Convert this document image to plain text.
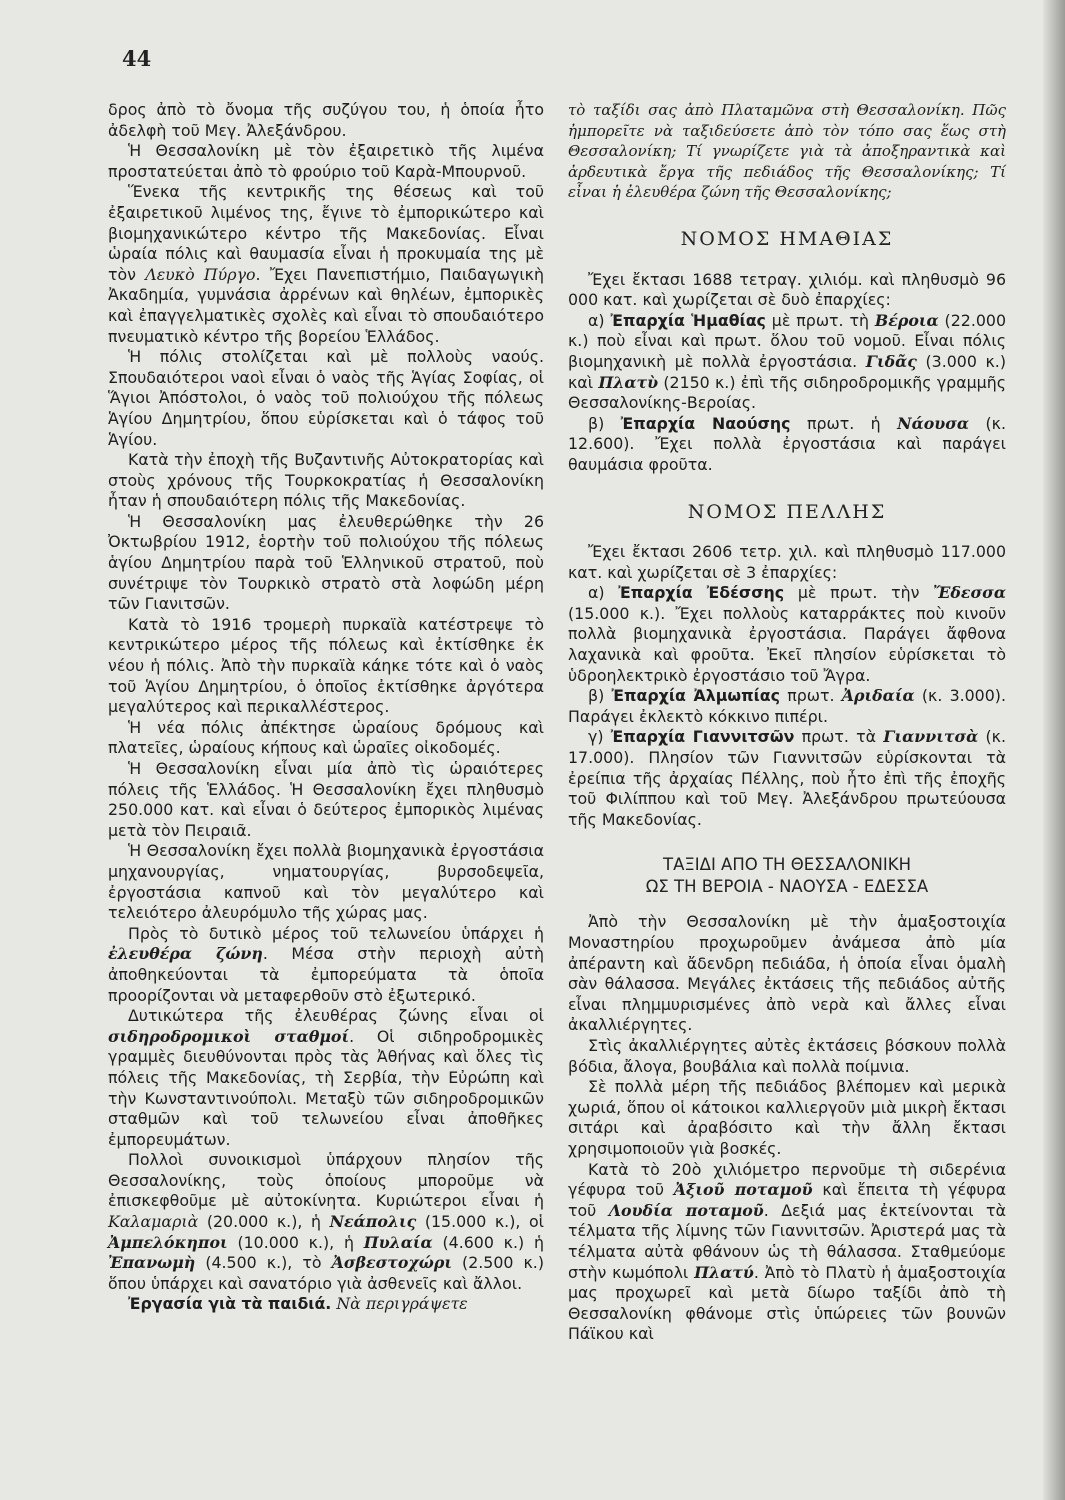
44

δρος ἀπὸ τὸ ὄνομα τῆς συζύγου του, ἡ ὁποία ἦτο ἀδελφὴ τοῦ Μεγ. Ἀλεξάνδρου.

Ἡ Θεσσαλονίκη μὲ τὸν ἐξαιρετικὸ τῆς λιμένα προστατεύεται ἀπὸ τὸ φρούριο τοῦ Καρὰ-Μπουρνοῦ.

Ἕνεκα τῆς κεντρικῆς της θέσεως καὶ τοῦ ἐξαιρετικοῦ λιμένος της, ἔγινε τὸ ἐμπορικώτερο καὶ βιομηχανικώτερο κέντρο τῆς Μακεδονίας. Εἶναι ὡραία πόλις καὶ θαυμασία εἶναι ἡ προκυμαία της μὲ τὸν Λευκὸ Πύργο. Ἔχει Πανεπιστήμιο, Παιδαγωγικὴ Ἀκαδημία, γυμνάσια ἀρρένων καὶ θηλέων, ἐμπορικὲς καὶ ἐπαγγελματικὲς σχολὲς καὶ εἶναι τὸ σπουδαιότερο πνευματικὸ κέντρο τῆς βορείου Ἑλλάδος.

Ἡ πόλις στολίζεται καὶ μὲ πολλοὺς ναούς. Σπουδαιότεροι ναοὶ εἶναι ὁ ναὸς τῆς Ἁγίας Σοφίας, οἱ Ἅγιοι Ἀπόστολοι, ὁ ναὸς τοῦ πολιούχου τῆς πόλεως Ἁγίου Δημητρίου, ὅπου εὑρίσκεται καὶ ὁ τάφος τοῦ Ἁγίου.

Κατὰ τὴν ἐποχὴ τῆς Βυζαντινῆς Αὐτοκρατορίας καὶ στοὺς χρόνους τῆς Τουρκοκρατίας ἡ Θεσσαλονίκη ἦταν ἡ σπουδαιότερη πόλις τῆς Μακεδονίας.

Ἡ Θεσσαλονίκη μας ἐλευθερώθηκε τὴν 26 Ὀκτωβρίου 1912, ἑορτὴν τοῦ πολιούχου τῆς πόλεως ἁγίου Δημητρίου παρὰ τοῦ Ἑλληνικοῦ στρατοῦ, ποὺ συνέτριψε τὸν Τουρκικὸ στρατὸ στὰ λοφώδη μέρη τῶν Γιανιτσῶν.

Κατὰ τὸ 1916 τρομερὴ πυρκαϊὰ κατέστρεψε τὸ κεντρικώτερο μέρος τῆς πόλεως καὶ ἐκτίσθηκε ἐκ νέου ἡ πόλις. Ἀπὸ τὴν πυρκαϊὰ κάηκε τότε καὶ ὁ ναὸς τοῦ Ἁγίου Δημητρίου, ὁ ὁποῖος ἐκτίσθηκε ἀργότερα μεγαλύτερος καὶ περικαλλέστερος.

Ἡ νέα πόλις ἀπέκτησε ὡραίους δρόμους καὶ πλατεῖες, ὡραίους κήπους καὶ ὡραῖες οἰκοδομές.

Ἡ Θεσσαλονίκη εἶναι μία ἀπὸ τὶς ὡραιότερες πόλεις τῆς Ἑλλάδος. Ἡ Θεσσαλονίκη ἔχει πληθυσμὸ 250.000 κατ. καὶ εἶναι ὁ δεύτερος ἐμπορικὸς λιμένας μετὰ τὸν Πειραιᾶ.

Ἡ Θεσσαλονίκη ἔχει πολλὰ βιομηχανικὰ ἐργοστάσια μηχανουργίας, νηματουργίας, βυρσοδεψεῖα, ἐργοστάσια καπνοῦ καὶ τὸν μεγαλύτερο καὶ τελειότερο ἀλευρόμυλο τῆς χώρας μας.

Πρὸς τὸ δυτικὸ μέρος τοῦ τελωνείου ὑπάρχει ἡ ἐλευθέρα ζώνη. Μέσα στὴν περιοχὴ αὐτὴ ἀποθηκεύονται τὰ ἐμπορεύματα τὰ ὁποῖα προορίζονται νὰ μεταφερθοῦν στὸ ἐξωτερικό.

Δυτικώτερα τῆς ἐλευθέρας ζώνης εἶναι οἱ σιδηροδρομικοὶ σταθμοί. Οἱ σιδηροδρομικὲς γραμμὲς διευθύνονται πρὸς τὰς Ἀθήνας καὶ ὅλες τὶς πόλεις τῆς Μακεδονίας, τὴ Σερβία, τὴν Εὐρώπη καὶ τὴν Κωνσταντινούπολι. Μεταξὺ τῶν σιδηροδρομικῶν σταθμῶν καὶ τοῦ τελωνείου εἶναι ἀποθῆκες ἐμπορευμάτων.

Πολλοὶ συνοικισμοὶ ὑπάρχουν πλησίον τῆς Θεσσαλονίκης, τοὺς ὁποίους μποροῦμε νὰ ἐπισκεφθοῦμε μὲ αὐτοκίνητα. Κυριώτεροι εἶναι ἡ Καλαμαριὰ (20.000 κ.), ἡ Νεάπολις (15.000 κ.), οἱ Ἀμπελόκηποι (10.000 κ.), ἡ Πυλαία (4.600 κ.) ἡ Ἐπανωμὴ (4.500 κ.), τὸ Ἀσβεστοχώρι (2.500 κ.) ὅπου ὑπάρχει καὶ σανατόριο γιὰ ἀσθενεῖς καὶ ἄλλοι.

Ἐργασία γιὰ τὰ παιδιά. Νὰ περιγράψετε

τὸ ταξίδι σας ἀπὸ Πλαταμῶνα στὴ Θεσσαλονίκη. Πῶς ἠμπορεῖτε νὰ ταξιδεύσετε ἀπὸ τὸν τόπο σας ἕως στὴ Θεσσαλονίκη; Τί γνωρίζετε γιὰ τὰ ἀποξηραντικὰ καὶ ἀρδευτικὰ ἔργα τῆς πεδιάδος τῆς Θεσσαλονίκης; Τί εἶναι ἡ ἐλευθέρα ζώνη τῆς Θεσσαλονίκης;

ΝΟΜΟΣ ΗΜΑΘΙΑΣ

Ἔχει ἔκτασι 1688 τετραγ. χιλιόμ. καὶ πληθυσμὸ 96 000 κατ. καὶ χωρίζεται σὲ δυὸ ἐπαρχίες:

α) Ἐπαρχία Ἡμαθίας μὲ πρωτ. τὴ Βέροια (22.000 κ.) ποὺ εἶναι καὶ πρωτ. ὅλου τοῦ νομοῦ. Εἶναι πόλις βιομηχανικὴ μὲ πολλὰ ἐργοστάσια. Γιδᾶς (3.000 κ.) καὶ Πλατὺ (2150 κ.) ἐπὶ τῆς σιδηροδρομικῆς γραμμῆς Θεσσαλονίκης-Βεροίας.

β) Ἐπαρχία Ναούσης πρωτ. ἡ Νάουσα (κ. 12.600). Ἔχει πολλὰ ἐργοστάσια καὶ παράγει θαυμάσια φροῦτα.

ΝΟΜΟΣ ΠΕΛΛΗΣ

Ἔχει ἔκτασι 2606 τετρ. χιλ. καὶ πληθυσμὸ 117.000 κατ. καὶ χωρίζεται σὲ 3 ἐπαρχίες:

α) Ἐπαρχία Ἐδέσσης μὲ πρωτ. τὴν Ἔδεσσα (15.000 κ.). Ἔχει πολλοὺς καταρράκτες ποὺ κινοῦν πολλὰ βιομηχανικὰ ἐργοστάσια. Παράγει ἄφθονα λαχανικὰ καὶ φροῦτα. Ἐκεῖ πλησίον εὑρίσκεται τὸ ὑδροηλεκτρικὸ ἐργοστάσιο τοῦ Ἄγρα.

β) Ἐπαρχία Ἀλμωπίας πρωτ. Ἀριδαία (κ. 3.000). Παράγει ἐκλεκτὸ κόκκινο πιπέρι.

γ) Ἐπαρχία Γιαννιτσῶν πρωτ. τὰ Γιαννιτσὰ (κ. 17.000). Πλησίον τῶν Γιαννιτσῶν εὑρίσκονται τὰ ἐρείπια τῆς ἀρχαίας Πέλλης, ποὺ ἦτο ἐπὶ τῆς ἐποχῆς τοῦ Φιλίππου καὶ τοῦ Μεγ. Ἀλεξάνδρου πρωτεύουσα τῆς Μακεδονίας.

ΤΑΞΙΔΙ ΑΠΟ ΤΗ ΘΕΣΣΑΛΟΝΙΚΗ
ΩΣ ΤΗ ΒΕΡΟΙΑ - ΝΑΟΥΣΑ - ΕΔΕΣΣΑ

Ἀπὸ τὴν Θεσσαλονίκη μὲ τὴν ἁμαξοστοιχία Μοναστηρίου προχωροῦμεν ἀνάμεσα ἀπὸ μία ἀπέραντη καὶ ἄδενδρη πεδιάδα, ἡ ὁποία εἶναι ὁμαλὴ σὰν θάλασσα. Μεγάλες ἐκτάσεις τῆς πεδιάδος αὐτῆς εἶναι πλημμυρισμένες ἀπὸ νερὰ καὶ ἄλλες εἶναι ἀκαλλιέργητες.

Στὶς ἀκαλλιέργητες αὐτὲς ἐκτάσεις βόσκουν πολλὰ βόδια, ἄλογα, βουβάλια καὶ πολλὰ ποίμνια.

Σὲ πολλὰ μέρη τῆς πεδιάδος βλέπομεν καὶ μερικὰ χωριά, ὅπου οἱ κάτοικοι καλλιεργοῦν μιὰ μικρὴ ἔκτασι σιτάρι καὶ ἀραβόσιτο καὶ τὴν ἄλλη ἔκτασι χρησιμοποιοῦν γιὰ βοσκές.

Κατὰ τὸ 20ὸ χιλιόμετρο περνοῦμε τὴ σιδερένια γέφυρα τοῦ Ἀξιοῦ ποταμοῦ καὶ ἔπειτα τὴ γέφυρα τοῦ Λουδία ποταμοῦ. Δεξιά μας ἐκτείνονται τὰ τέλματα τῆς λίμνης τῶν Γιαννιτσῶν. Ἀριστερά μας τὰ τέλματα αὐτὰ φθάνουν ὡς τὴ θάλασσα. Σταθμεύομε στὴν κωμόπολι Πλατύ. Ἀπὸ τὸ Πλατὺ ἡ ἁμαξοστοιχία μας προχωρεῖ καὶ μετὰ δίωρο ταξίδι ἀπὸ τὴ Θεσσαλονίκη φθάνομε στὶς ὑπώρειες τῶν βουνῶν Πάϊκου καὶ
